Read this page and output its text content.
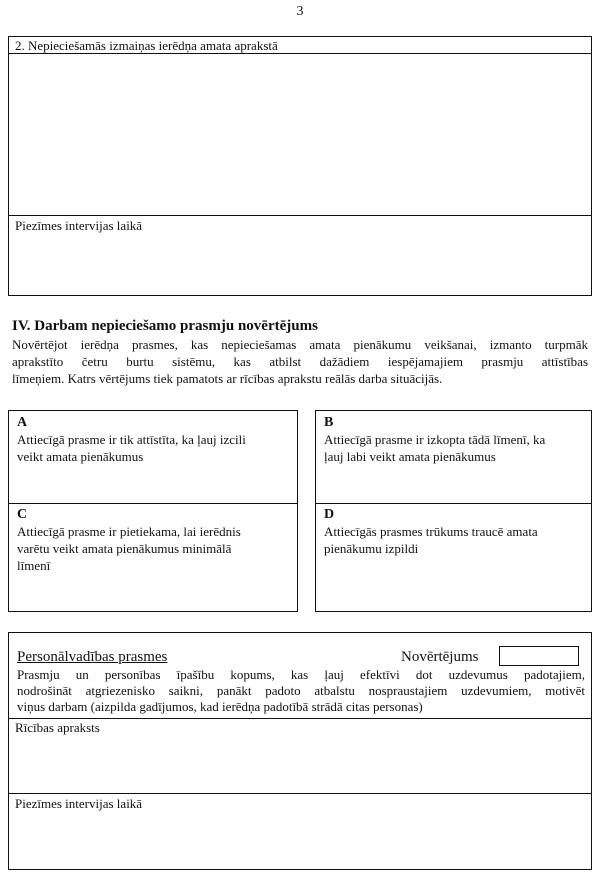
3
2. Nepieciešamās izmaiņas ierēdņa amata aprakstā
Piezīmes intervijas laikā
IV. Darbam nepieciešamo prasmju novērtējums
Novērtējot ierēdņa prasmes, kas nepieciešamas amata pienākumu veikšanai, izmanto turpmāk
aprakstīto četru burtu sistēmu, kas atbilst dažādiem iespējamajiem prasmju attīstības
līmeņiem. Katrs vērtējums tiek pamatots ar rīcības aprakstu reālās darba situācijās.
A
Attiecīgā prasme ir tik attīstīta, ka ļauj izcili
veikt amata pienākumus
C
Attiecīgā prasme ir pietiekama, lai ierēdnis
varētu veikt amata pienākumus minimālā
līmenī
B
Attiecīgā prasme ir izkopta tādā līmenī, ka
ļauj labi veikt amata pienākumus
D
Attiecīgās prasmes trūkums traucē amata
pienākumu izpildi
Personālvadības prasmes	Novērtējums
Prasmju un personības īpašību kopums, kas ļauj efektīvi dot uzdevumus padotajiem,
nodrošināt atgriezenisko saikni, panākt padoto atbalstu nospraustajiem uzdevumiem, motivēt
viņus darbam (aizpilda gadījumos, kad ierēdņa padotībā strādā citas personas)
Rīcības apraksts
Piezīmes intervijas laikā
